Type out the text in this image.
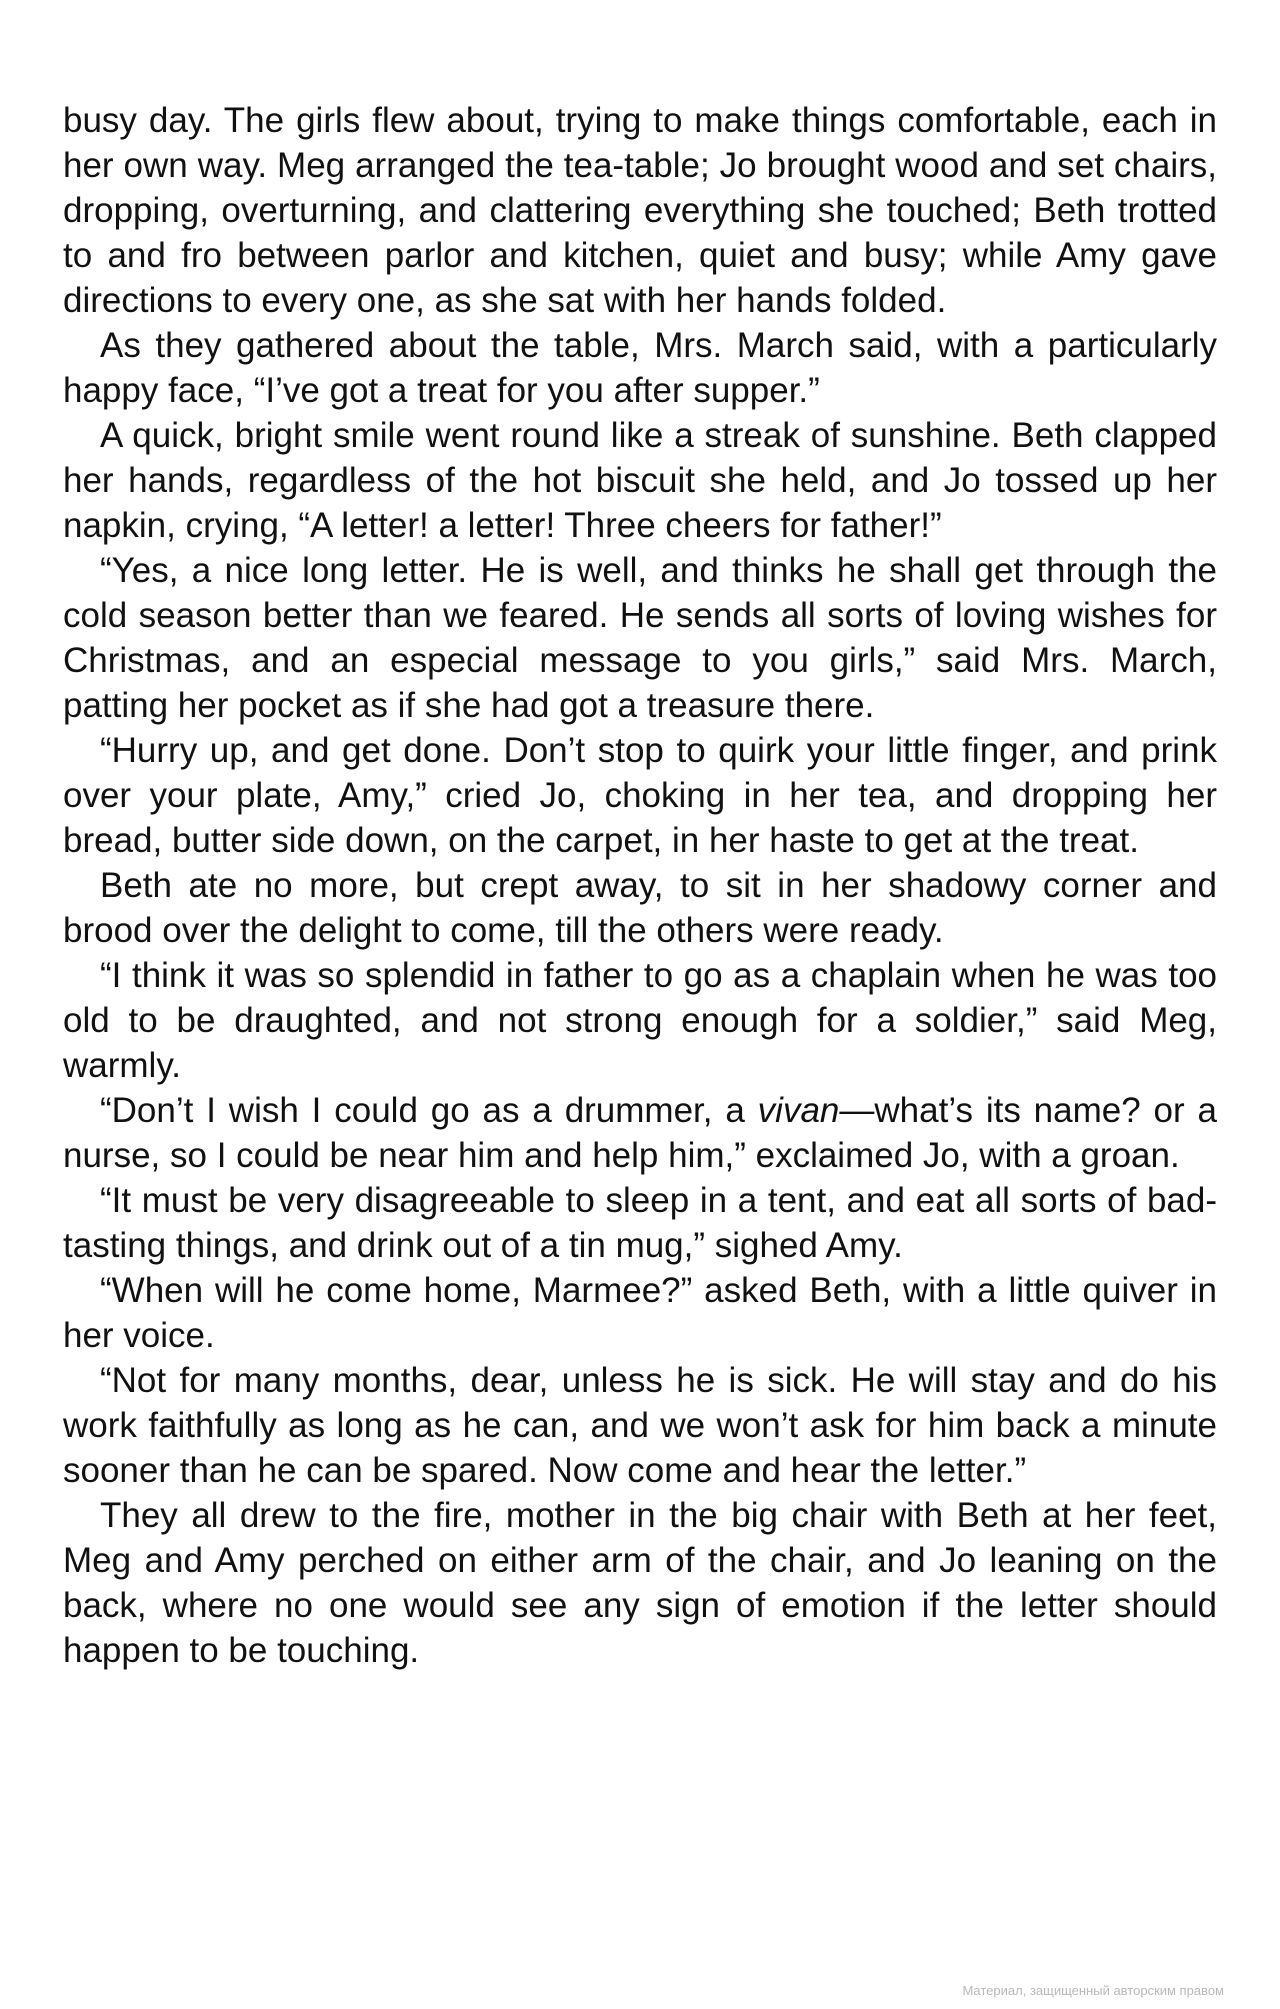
busy day. The girls flew about, trying to make things comfortable, each in her own way. Meg arranged the tea-table; Jo brought wood and set chairs, dropping, overturning, and clattering everything she touched; Beth trotted to and fro between parlor and kitchen, quiet and busy; while Amy gave directions to every one, as she sat with her hands folded.

As they gathered about the table, Mrs. March said, with a particularly happy face, “I’ve got a treat for you after supper.”

A quick, bright smile went round like a streak of sunshine. Beth clapped her hands, regardless of the hot biscuit she held, and Jo tossed up her napkin, crying, “A letter! a letter! Three cheers for father!”

“Yes, a nice long letter. He is well, and thinks he shall get through the cold season better than we feared. He sends all sorts of loving wishes for Christmas, and an especial message to you girls,” said Mrs. March, patting her pocket as if she had got a treasure there.

“Hurry up, and get done. Don’t stop to quirk your little finger, and prink over your plate, Amy,” cried Jo, choking in her tea, and dropping her bread, butter side down, on the carpet, in her haste to get at the treat.

Beth ate no more, but crept away, to sit in her shadowy corner and brood over the delight to come, till the others were ready.

“I think it was so splendid in father to go as a chaplain when he was too old to be draughted, and not strong enough for a soldier,” said Meg, warmly.

“Don’t I wish I could go as a drummer, a vivan—what’s its name? or a nurse, so I could be near him and help him,” exclaimed Jo, with a groan.

“It must be very disagreeable to sleep in a tent, and eat all sorts of bad-tasting things, and drink out of a tin mug,” sighed Amy.

“When will he come home, Marmee?” asked Beth, with a little quiver in her voice.

“Not for many months, dear, unless he is sick. He will stay and do his work faithfully as long as he can, and we won’t ask for him back a minute sooner than he can be spared. Now come and hear the letter.”

They all drew to the fire, mother in the big chair with Beth at her feet, Meg and Amy perched on either arm of the chair, and Jo leaning on the back, where no one would see any sign of emotion if the letter should happen to be touching.

Материал, защищенный авторским правом
